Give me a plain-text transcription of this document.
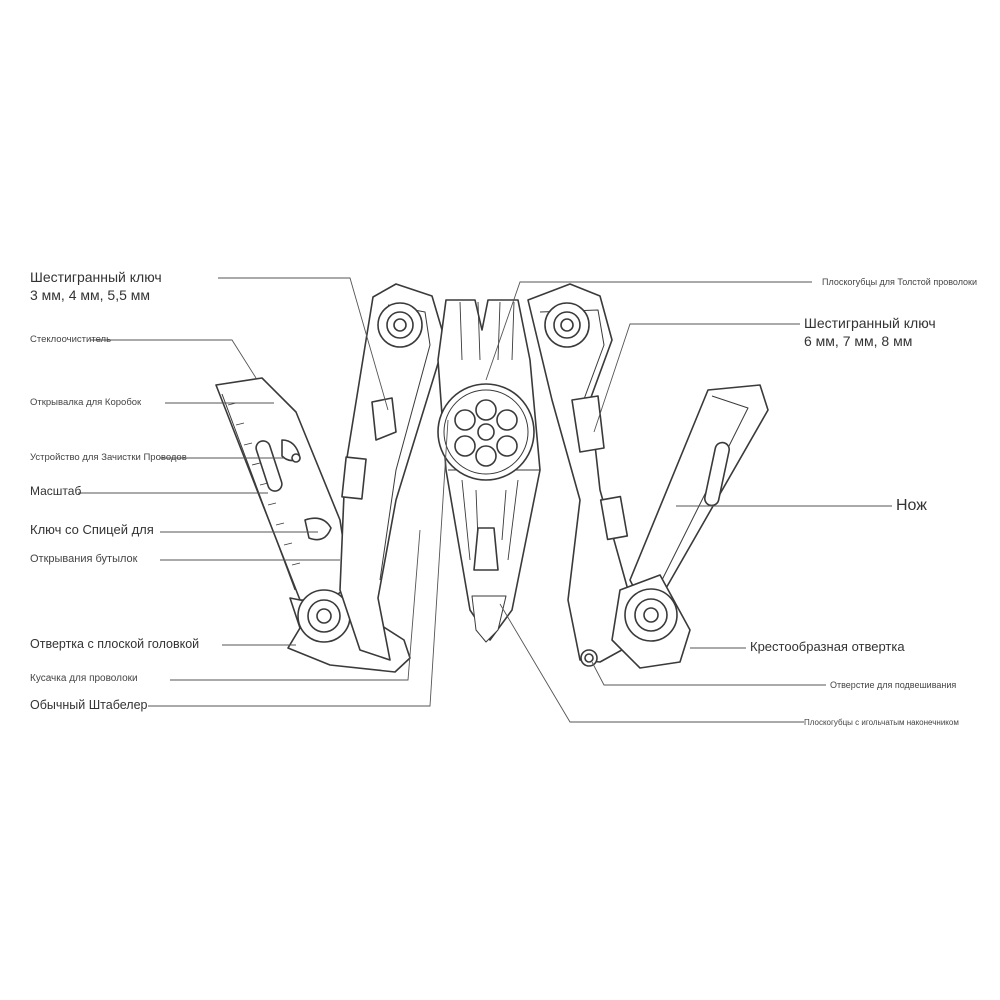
Шестигранный ключ
3 мм, 4 мм, 5,5 мм
Стеклоочиститель
Открывалка для Коробок
Устройство для Зачистки Проводов
Масштаб
Ключ со Спицей для
Открывания бутылок
Отвертка с плоской головкой
Кусачка для проволоки
Обычный Штабелер
Плоскогубцы для Толстой проволоки
Шестигранный ключ
6 мм, 7 мм, 8 мм
Нож
Крестообразная отвертка
Отверстие для подвешивания
Плоскогубцы с игольчатым наконечником
